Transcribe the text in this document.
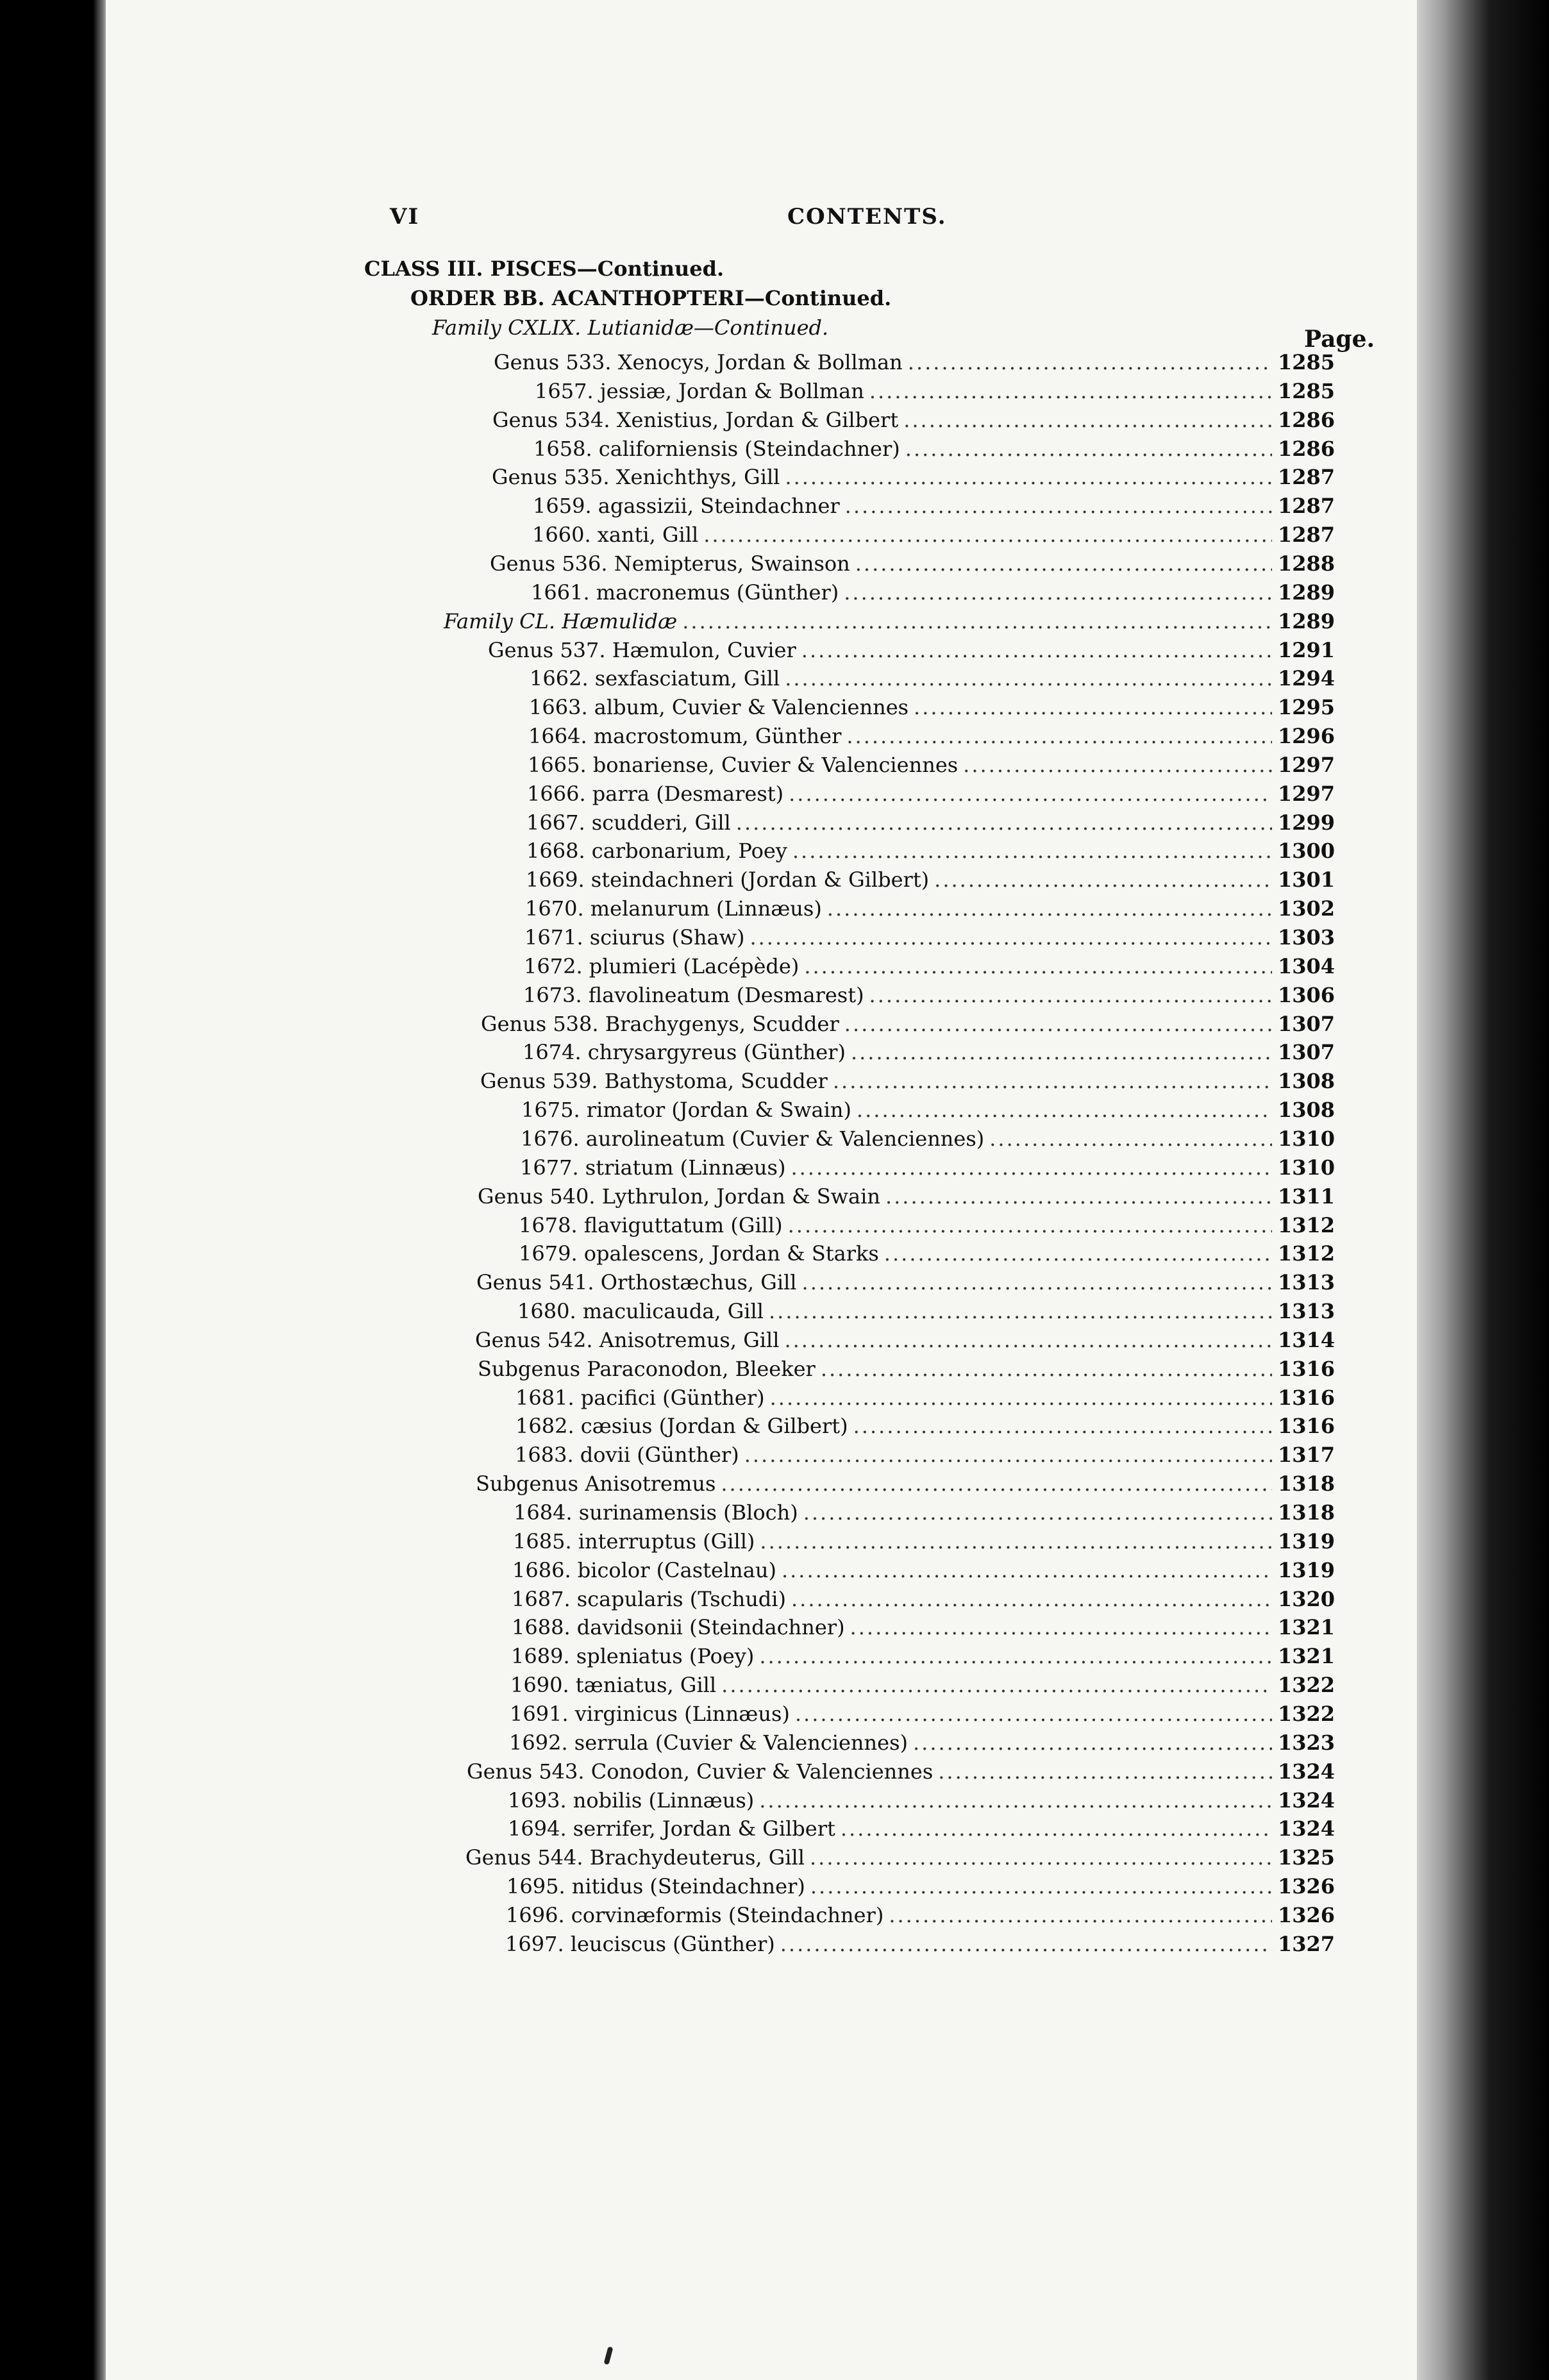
VI	CONTENTS.
CLASS III. PISCES—Continued.
ORDER BB. ACANTHOPTERI—Continued.
Family CXLIX. Lutianidæ—Continued.	Page.
Genus 533. Xenocys, Jordan & Bollman .....	1285
1657. jessiæ, Jordan & Bollman .....	1285
Genus 534. Xenistius, Jordan & Gilbert .....	1286
1658. californiensis (Steindachner) .....	1286
Genus 535. Xenichthys, Gill .....	1287
1659. agassizii, Steindachner .....	1287
1660. xanti, Gill .....	1287
Genus 536. Nemipterus, Swainson .....	1288
1661. macronemus (Günther) .....	1289
Family CL. Hæmulidæ .....	1289
Genus 537. Hæmulon, Cuvier .....	1291
1662. sexfasciatum, Gill .....	1294
1663. album, Cuvier & Valenciennes .....	1295
1664. macrostomum, Günther .....	1296
1665. bonariense, Cuvier & Valenciennes .....	1297
1666. parra (Desmarest) .....	1297
1667. scudderi, Gill .....	1299
1668. carbonarium, Poey .....	1300
1669. steindachneri (Jordan & Gilbert) .....	1301
1670. melanurum (Linnæus) .....	1302
1671. sciurus (Shaw) .....	1303
1672. plumieri (Lacépède) .....	1304
1673. flavolineatum (Desmarest) .....	1306
Genus 538. Brachygenys, Scudder .....	1307
1674. chrysargyreus (Günther) .....	1307
Genus 539. Bathystoma, Scudder .....	1308
1675. rimator (Jordan & Swain) .....	1308
1676. aurolineatum (Cuvier & Valenciennes) .....	1310
1677. striatum (Linnæus) .....	1310
Genus 540. Lythrulon, Jordan & Swain .....	1311
1678. flaviguttatum (Gill) .....	1312
1679. opalescens, Jordan & Starks .....	1312
Genus 541. Orthostæchus, Gill .....	1313
1680. maculicauda, Gill .....	1313
Genus 542. Anisotremus, Gill .....	1314
Subgenus Paraconodon, Bleeker .....	1316
1681. pacifici (Günther) .....	1316
1682. cæsius (Jordan & Gilbert) .....	1316
1683. dovii (Günther) .....	1317
Subgenus Anisotremus .....	1318
1684. surinamensis (Bloch) .....	1318
1685. interruptus (Gill) .....	1319
1686. bicolor (Castelnau) .....	1319
1687. scapularis (Tschudi) .....	1320
1688. davidsonii (Steindachner) .....	1321
1689. spleniatus (Poey) .....	1321
1690. tæniatus, Gill .....	1322
1691. virginicus (Linnæus) .....	1322
1692. serrula (Cuvier & Valenciennes) .....	1323
Genus 543. Conodon, Cuvier & Valenciennes .....	1324
1693. nobilis (Linnæus) .....	1324
1694. serrifer, Jordan & Gilbert .....	1324
Genus 544. Brachydeuterus, Gill .....	1325
1695. nitidus (Steindachner) .....	1326
1696. corvinæformis (Steindachner) .....	1326
1697. leuciscus (Günther) .....	1327
